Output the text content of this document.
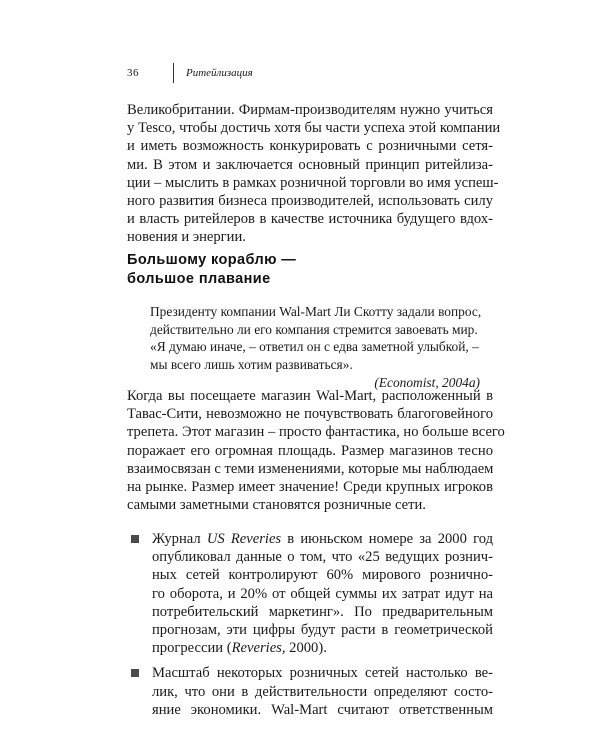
36	Ритейлизация
Великобритании. Фирмам-производителям нужно учиться
у Tesco, чтобы достичь хотя бы части успеха этой компании
и иметь возможность конкурировать с розничными сетя-
ми. В этом и заключается основный принцип ритейлиза-
ции – мыслить в рамках розничной торговли во имя успеш-
ного развития бизнеса производителей, использовать силу
и власть ритейлеров в качестве источника будущего вдох-
новения и энергии.
Большому кораблю —
большое плавание
Президенту компании Wal-Mart Ли Скотту задали вопрос,
действительно ли его компания стремится завоевать мир.
«Я думаю иначе, – ответил он с едва заметной улыбкой, –
мы всего лишь хотим развиваться».
(Economist, 2004a)
Когда вы посещаете магазин Wal-Mart, расположенный в
Тавас-Сити, невозможно не почувствовать благоговейного
трепета. Этот магазин – просто фантастика, но больше всего
поражает его огромная площадь. Размер магазинов тесно
взаимосвязан с теми изменениями, которые мы наблюдаем
на рынке. Размер имеет значение! Среди крупных игроков
самыми заметными становятся розничные сети.
Журнал US Reveries в июньском номере за 2000 год
опубликовал данные о том, что «25 ведущих рознич-
ных сетей контролируют 60% мирового рознично-
го оборота, и 20% от общей суммы их затрат идут на
потребительский маркетинг». По предварительным
прогнозам, эти цифры будут расти в геометрической
прогрессии (Reveries, 2000).
Масштаб некоторых розничных сетей настолько ве-
лик, что они в действительности определяют состо-
яние экономики. Wal-Mart считают ответственным
